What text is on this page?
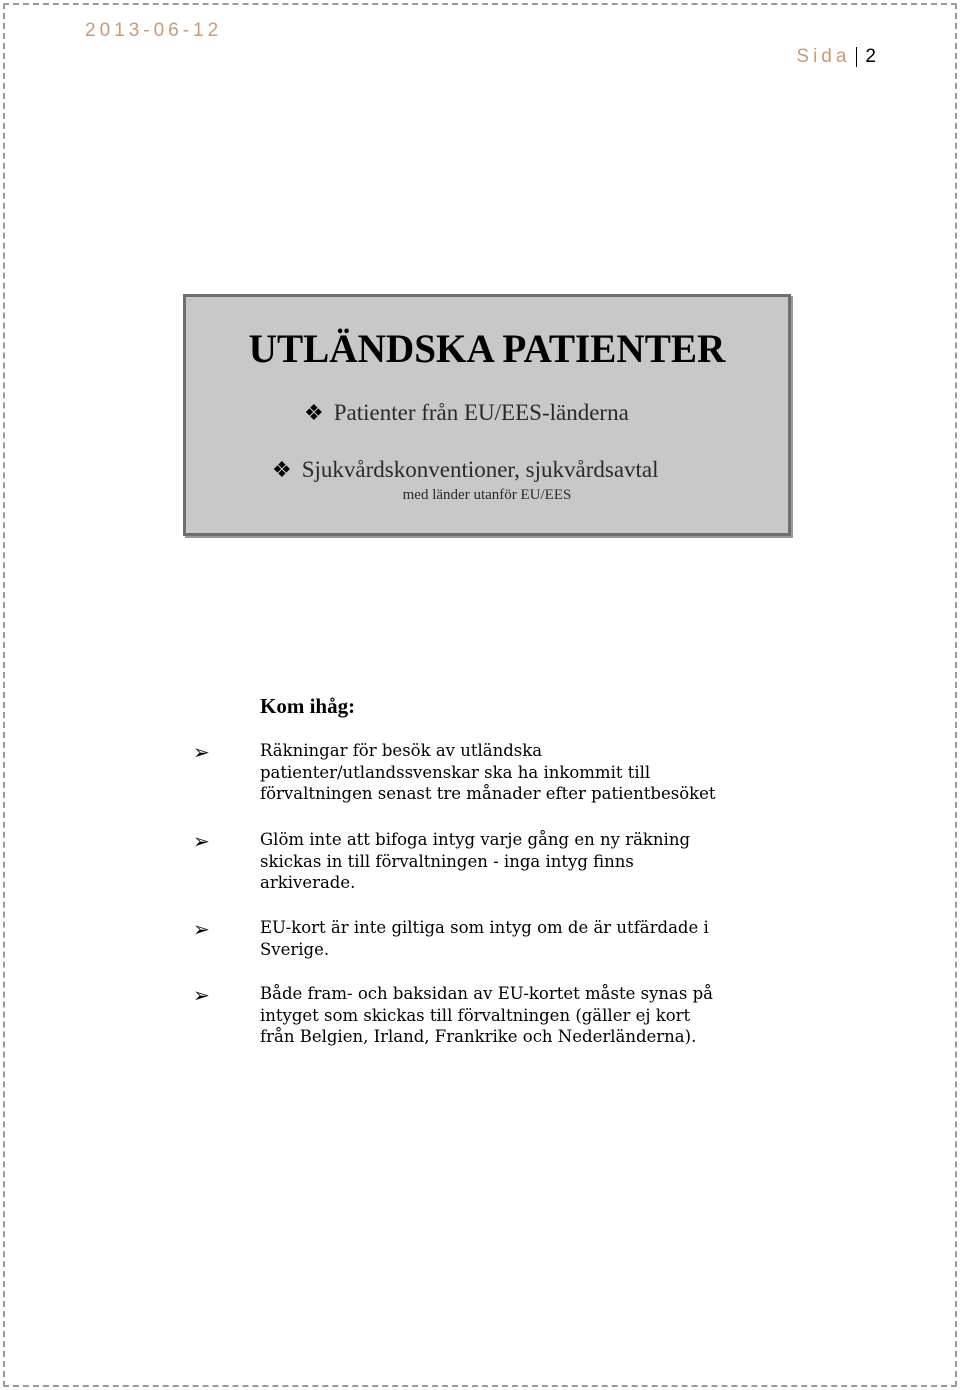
2013-06-12
Sida 2
UTLÄNDSKA PATIENTER
❖ Patienter från EU/EES-länderna
❖ Sjukvårdskonventioner, sjukvårdsavtal
med länder utanför EU/EES
Kom ihåg:
➢	Räkningar för besök av utländska
patienter/utlandssvenskar ska ha inkommit till
förvaltningen senast tre månader efter patientbesöket
➢	Glöm inte att bifoga intyg varje gång en ny räkning
skickas in till förvaltningen - inga intyg finns
arkiverade.
➢	EU-kort är inte giltiga som intyg om de är utfärdade i
Sverige.
➢	Både fram- och baksidan av EU-kortet måste synas på
intyget som skickas till förvaltningen (gäller ej kort
från Belgien, Irland, Frankrike och Nederländerna).
